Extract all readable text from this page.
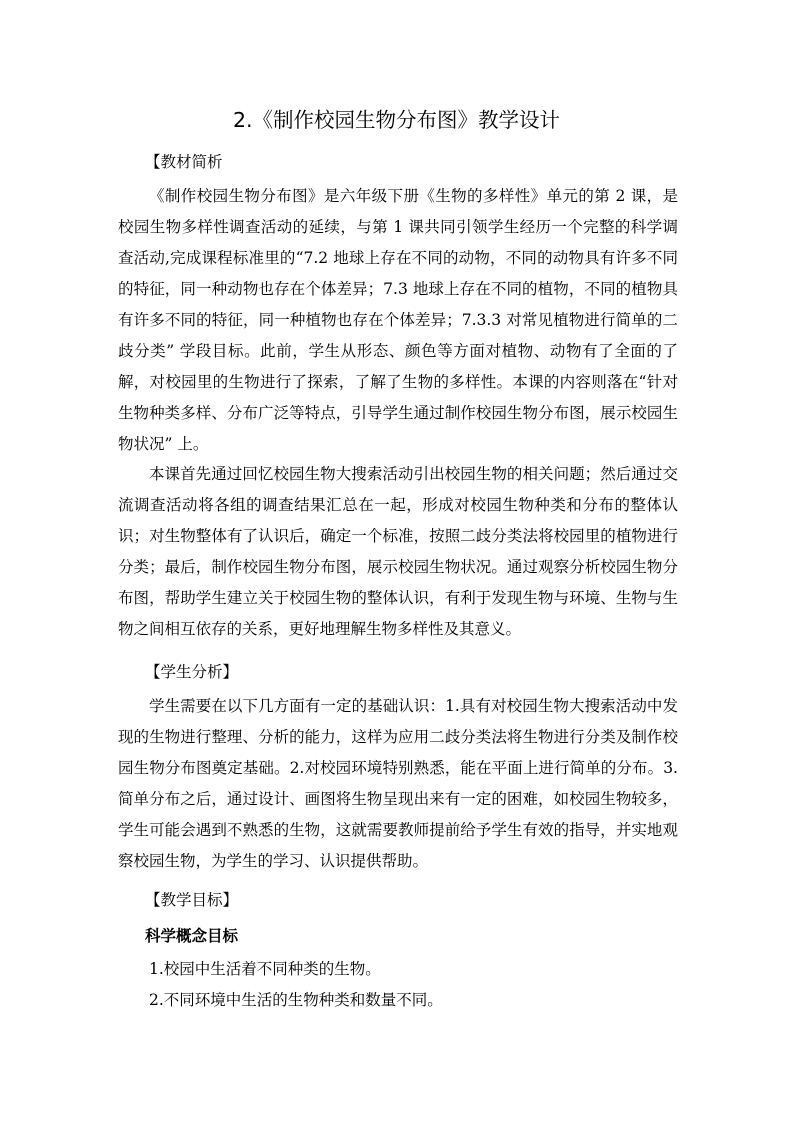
2.《制作校园生物分布图》教学设计
【教材简析

《制作校园生物分布图》是六年级下册《生物的多样性》单元的第 2 课，是校园生物多样性调查活动的延续，与第 1 课共同引领学生经历一个完整的科学调查活动,完成课程标准里的“7.2 地球上存在不同的动物，不同的动物具有许多不同的特征，同一种动物也存在个体差异；7.3 地球上存在不同的植物，不同的植物具有许多不同的特征，同一种植物也存在个体差异；7.3.3 对常见植物进行简单的二歧分类” 学段目标。此前，学生从形态、颜色等方面对植物、动物有了全面的了解，对校园里的生物进行了探索，了解了生物的多样性。本课的内容则落在“针对生物种类多样、分布广泛等特点，引导学生通过制作校园生物分布图，展示校园生物状况” 上。

本课首先通过回忆校园生物大搜索活动引出校园生物的相关问题；然后通过交流调查活动将各组的调查结果汇总在一起，形成对校园生物种类和分布的整体认识；对生物整体有了认识后，确定一个标准，按照二歧分类法将校园里的植物进行分类；最后，制作校园生物分布图，展示校园生物状况。通过观察分析校园生物分布图，帮助学生建立关于校园生物的整体认识，有利于发现生物与环境、生物与生物之间相互依存的关系，更好地理解生物多样性及其意义。

【学生分析】

学生需要在以下几方面有一定的基础认识：1.具有对校园生物大搜索活动中发现的生物进行整理、分析的能力，这样为应用二歧分类法将生物进行分类及制作校园生物分布图奠定基础。2.对校园环境特别熟悉，能在平面上进行简单的分布。3.简单分布之后，通过设计、画图将生物呈现出来有一定的困难，如校园生物较多，学生可能会遇到不熟悉的生物，这就需要教师提前给予学生有效的指导，并实地观察校园生物，为学生的学习、认识提供帮助。

【教学目标】
科学概念目标
1.校园中生活着不同种类的生物。
2.不同环境中生活的生物种类和数量不同。
